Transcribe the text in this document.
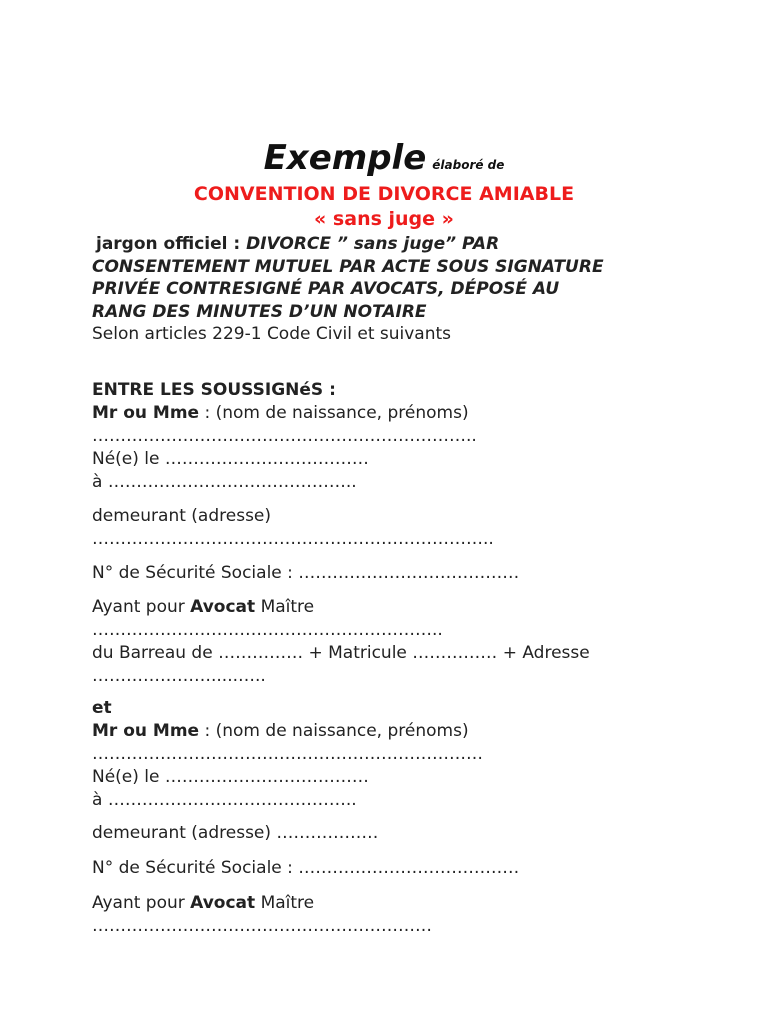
Exemple élaboré de
CONVENTION DE DIVORCE AMIABLE
« sans juge »
jargon officiel : DIVORCE ” sans juge” PAR
CONSENTEMENT MUTUEL PAR ACTE SOUS SIGNATURE
PRIVÉE CONTRESIGNÉ PAR AVOCATS, DÉPOSÉ AU
RANG DES MINUTES D’UN NOTAIRE
Selon articles 229-1 Code Civil et suivants
ENTRE LES SOUSSIGNéS :
Mr ou Mme : (nom de naissance, prénoms)
…………………………………………………………..
Né(e) le ………………………………
à ……………………………………..
demeurant (adresse)
……………………………………………………………..
N° de Sécurité Sociale : …………………………………
Ayant pour Avocat Maître
……………………………………………………..
du Barreau de …………… + Matricule …………… + Adresse
………………….....…..
et
Mr ou Mme : (nom de naissance, prénoms)
……………………………………………………………
Né(e) le ………………………………
à ……………………………………..
demeurant (adresse) ………………
N° de Sécurité Sociale : …………………………………
Ayant pour Avocat Maître
……………………………………………………
